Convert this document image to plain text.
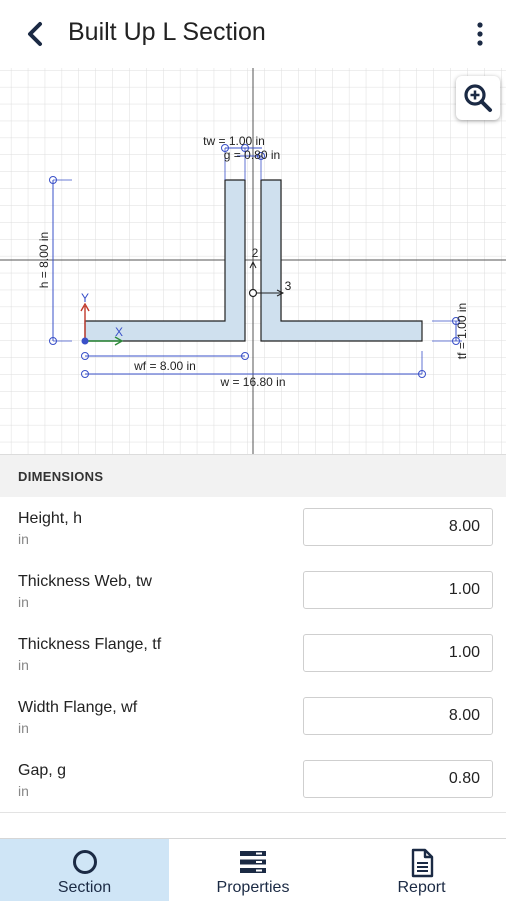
Built Up L Section
tw = 1.00 in
g = 0.80 in
h = 8.00 in
tf = 1.00 in
wf = 8.00 in
w = 16.80 in
Y
X
2
3
DIMENSIONS
Height, h
in
8.00
Thickness Web, tw
in
1.00
Thickness Flange, tf
in
1.00
Width Flange, wf
in
8.00
Gap, g
in
0.80
Section	Properties	Report
